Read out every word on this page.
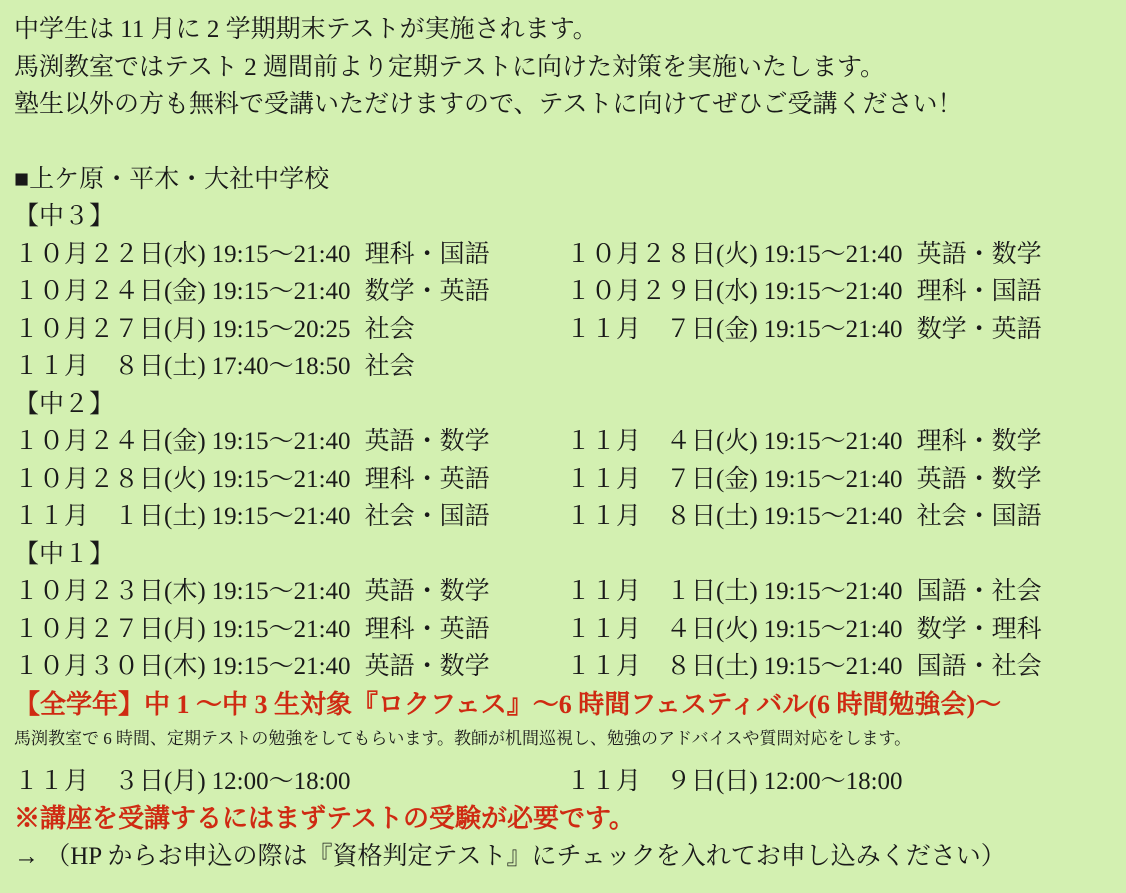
中学生は 11 月に 2 学期期末テストが実施されます。
馬渕教室ではテスト 2 週間前より定期テストに向けた対策を実施いたします。
塾生以外の方も無料で受講いただけますので、テストに向けてぜひご受講ください！
■上ケ原・平木・大社中学校
【中３】
１０月２２日(水) 19:15～21:40 理科・国語	１０月２８日(火) 19:15～21:40 英語・数学
１０月２４日(金) 19:15～21:40 数学・英語	１０月２９日(水) 19:15～21:40 理科・国語
１０月２７日(月) 19:15～20:25 社会	１１月　７日(金) 19:15～21:40 数学・英語
１１月　８日(土) 17:40～18:50 社会
【中２】
１０月２４日(金) 19:15～21:40 英語・数学	１１月　４日(火) 19:15～21:40 理科・数学
１０月２８日(火) 19:15～21:40 理科・英語	１１月　７日(金) 19:15～21:40 英語・数学
１１月　１日(土) 19:15～21:40 社会・国語	１１月　８日(土) 19:15～21:40 社会・国語
【中１】
１０月２３日(木) 19:15～21:40 英語・数学	１１月　１日(土) 19:15～21:40 国語・社会
１０月２７日(月) 19:15～21:40 理科・英語	１１月　４日(火) 19:15～21:40 数学・理科
１０月３０日(木) 19:15～21:40 英語・数学	１１月　８日(土) 19:15～21:40 国語・社会
【全学年】中 1 ～中 3 生対象『ロクフェス』～6 時間フェスティバル(6 時間勉強会)～
馬渕教室で 6 時間、定期テストの勉強をしてもらいます。教師が机間巡視し、勉強のアドバイスや質問対応をします。
１１月　３日(月) 12:00～18:00	１１月　９日(日) 12:00～18:00
※講座を受講するにはまずテストの受験が必要です。
→ （HP からお申込の際は『資格判定テスト』にチェックを入れてお申し込みください）
